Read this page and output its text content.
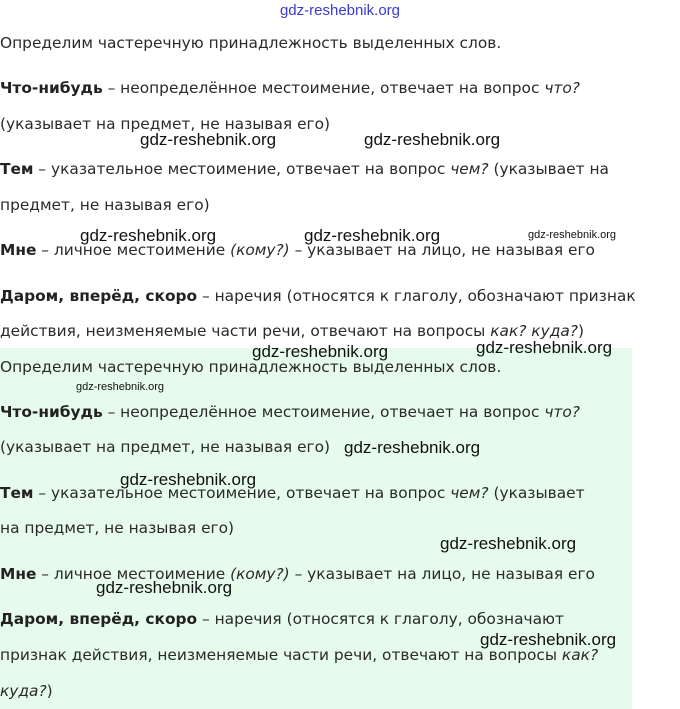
gdz-reshebnik.org

Определим частеречную принадлежность выделенных слов.

Что-нибудь – неопределённое местоимение, отвечает на вопрос что?

(указывает на предмет, не называя его)

Тем – указательное местоимение, отвечает на вопрос чем? (указывает на

предмет, не называя его)

Мне – личное местоимение (кому?) – указывает на лицо, не называя его

Даром, вперёд, скоро – наречия (относятся к глаголу, обозначают признак

действия, неизменяемые части речи, отвечают на вопросы как? куда?)

Определим частеречную принадлежность выделенных слов.

Что-нибудь – неопределённое местоимение, отвечает на вопрос что?

(указывает на предмет, не называя его)

Тем – указательное местоимение, отвечает на вопрос чем? (указывает

на предмет, не называя его)

Мне – личное местоимение (кому?) – указывает на лицо, не называя его

Даром, вперёд, скоро – наречия (относятся к глаголу, обозначают

признак действия, неизменяемые части речи, отвечают на вопросы как?

куда?)

gdz-reshebnik.org	gdz-reshebnik.org
gdz-reshebnik.org	gdz-reshebnik.org	gdz-reshebnik.org
gdz-reshebnik.org	gdz-reshebnik.org
gdz-reshebnik.org
gdz-reshebnik.org
gdz-reshebnik.org
gdz-reshebnik.org
gdz-reshebnik.org
gdz-reshebnik.org
